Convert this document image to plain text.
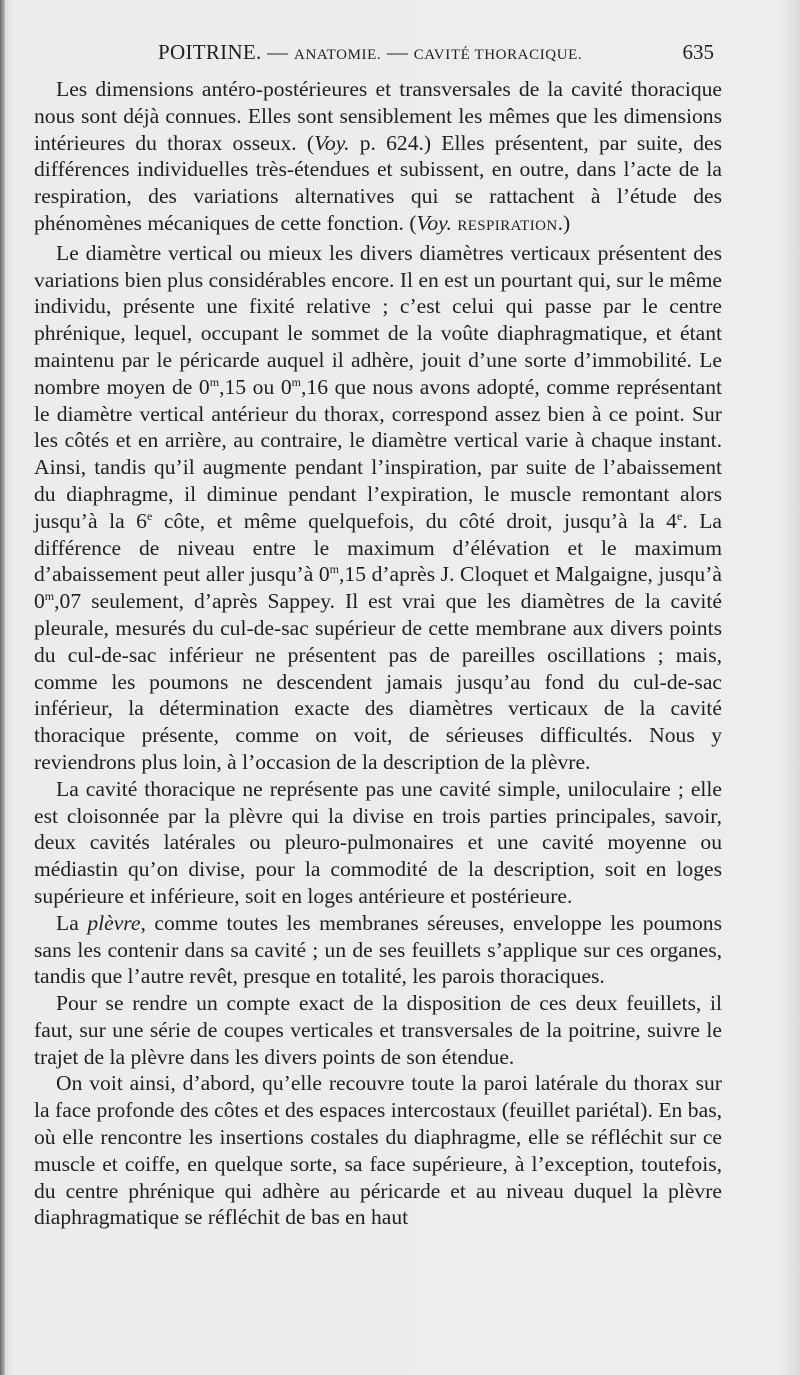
POITRINE. — ANATOMIE. — CAVITÉ THORACIQUE.	635

Les dimensions antéro-postérieures et transversales de la cavité thoracique nous sont déjà connues. Elles sont sensiblement les mêmes que les dimensions intérieures du thorax osseux. (Voy. p. 624.) Elles présentent, par suite, des différences individuelles très-étendues et subissent, en outre, dans l’acte de la respiration, des variations alternatives qui se rattachent à l’étude des phénomènes mécaniques de cette fonction. (Voy. RESPIRATION.)

Le diamètre vertical ou mieux les divers diamètres verticaux présentent des variations bien plus considérables encore. Il en est un pourtant qui, sur le même individu, présente une fixité relative ; c’est celui qui passe par le centre phrénique, lequel, occupant le sommet de la voûte diaphragmatique, et étant maintenu par le péricarde auquel il adhère, jouit d’une sorte d’immobilité. Le nombre moyen de 0$^m$,15 ou 0$^m$,16 que nous avons adopté, comme représentant le diamètre vertical antérieur du thorax, correspond assez bien à ce point. Sur les côtés et en arrière, au contraire, le diamètre vertical varie à chaque instant. Ainsi, tandis qu’il augmente pendant l’inspiration, par suite de l’abaissement du diaphragme, il diminue pendant l’expiration, le muscle remontant alors jusqu’à la 6e côte, et même quelquefois, du côté droit, jusqu’à la 4e. La différence de niveau entre le maximum d’élévation et le maximum d’abaissement peut aller jusqu’à 0$^m$,15 d’après J. Cloquet et Malgaigne, jusqu’à 0$^m$,07 seulement, d’après Sappey. Il est vrai que les diamètres de la cavité pleurale, mesurés du cul-de-sac supérieur de cette membrane aux divers points du cul-de-sac inférieur ne présentent pas de pareilles oscillations ; mais, comme les poumons ne descendent jamais jusqu’au fond du cul-de-sac inférieur, la détermination exacte des diamètres verticaux de la cavité thoracique présente, comme on voit, de sérieuses difficultés. Nous y reviendrons plus loin, à l’occasion de la description de la plèvre.

La cavité thoracique ne représente pas une cavité simple, uniloculaire ; elle est cloisonnée par la plèvre qui la divise en trois parties principales, savoir, deux cavités latérales ou pleuro-pulmonaires et une cavité moyenne ou médiastin qu’on divise, pour la commodité de la description, soit en loges supérieure et inférieure, soit en loges antérieure et postérieure.

La plèvre, comme toutes les membranes séreuses, enveloppe les poumons sans les contenir dans sa cavité ; un de ses feuillets s’applique sur ces organes, tandis que l’autre revêt, presque en totalité, les parois thoraciques.

Pour se rendre un compte exact de la disposition de ces deux feuillets, il faut, sur une série de coupes verticales et transversales de la poitrine, suivre le trajet de la plèvre dans les divers points de son étendue.

On voit ainsi, d’abord, qu’elle recouvre toute la paroi latérale du thorax sur la face profonde des côtes et des espaces intercostaux (feuillet pariétal). En bas, où elle rencontre les insertions costales du diaphragme, elle se réfléchit sur ce muscle et coiffe, en quelque sorte, sa face supérieure, à l’exception, toutefois, du centre phrénique qui adhère au péricarde et au niveau duquel la plèvre diaphragmatique se réfléchit de bas en haut
